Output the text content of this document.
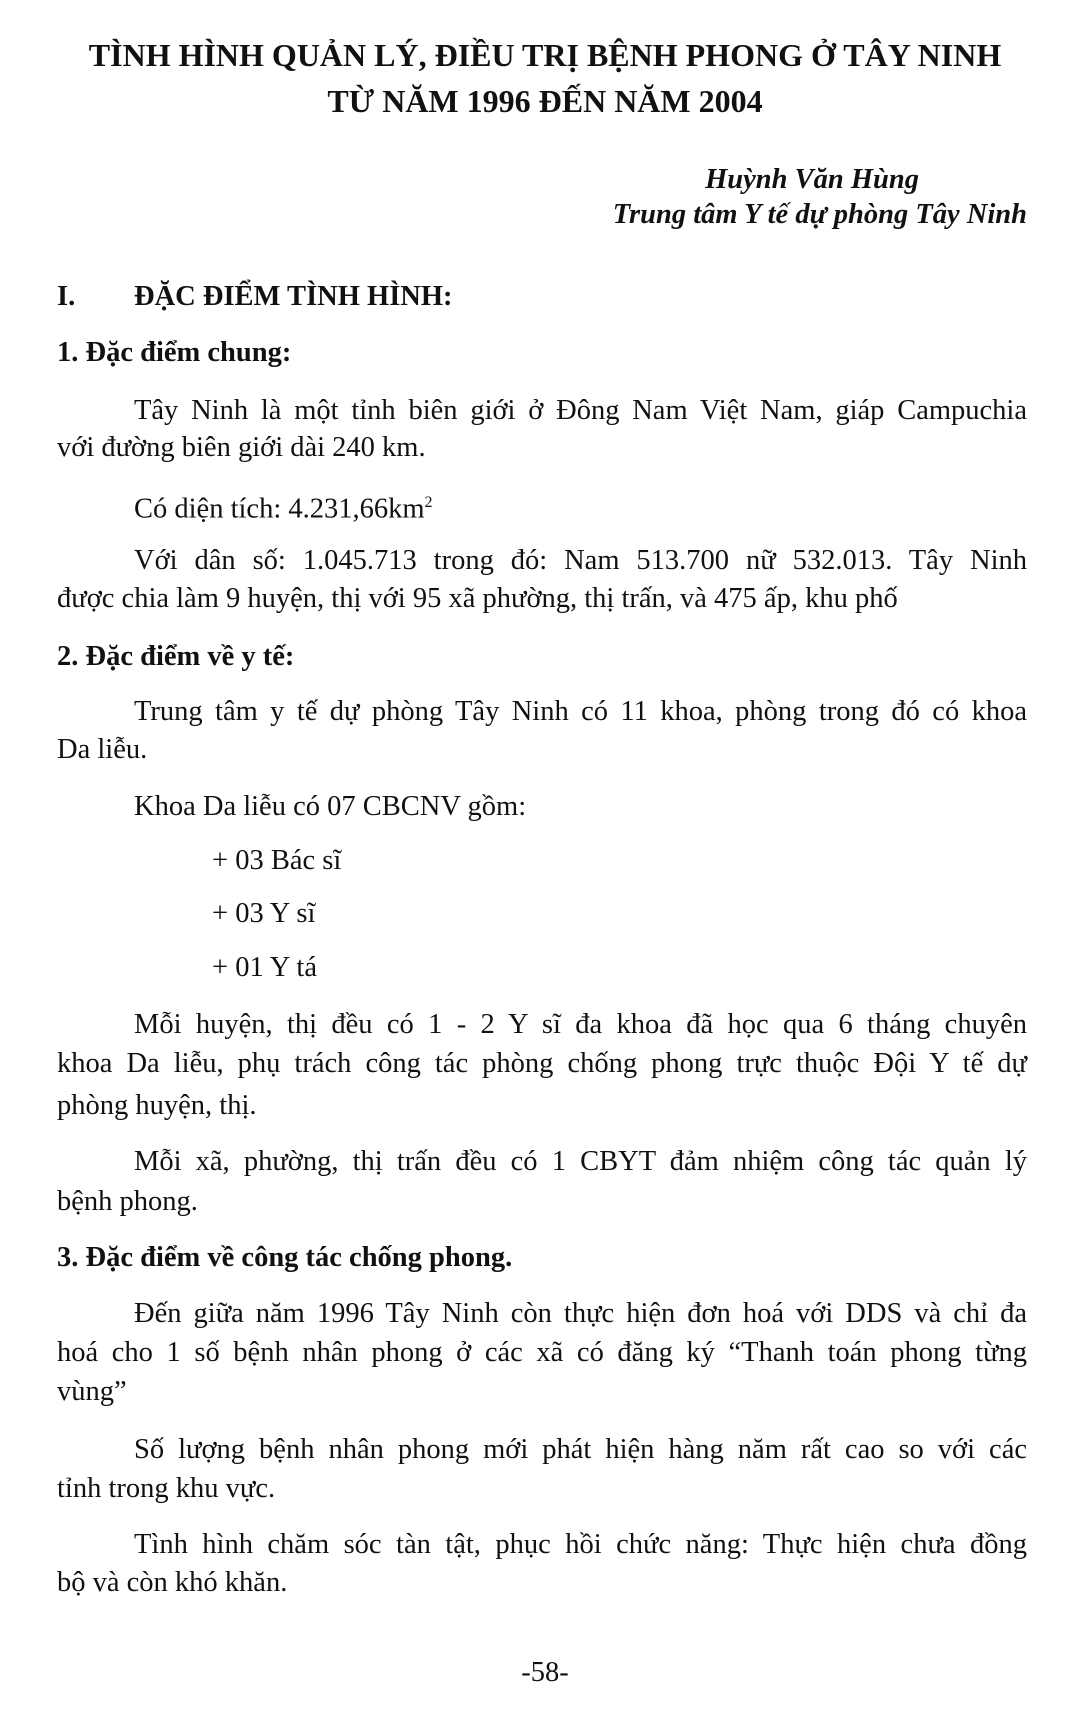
TÌNH HÌNH QUẢN LÝ, ĐIỀU TRỊ BỆNH PHONG Ở TÂY NINH
TỪ NĂM 1996 ĐẾN NĂM 2004
Huỳnh Văn Hùng
Trung tâm Y tế dự phòng Tây Ninh
I. ĐẶC ĐIỂM TÌNH HÌNH:
1. Đặc điểm chung:
Tây Ninh là một tỉnh biên giới ở Đông Nam Việt Nam, giáp Campuchia
với đường biên giới dài 240 km.
Có diện tích: $4.231,66km^2$
Với dân số: 1.045.713 trong đó: Nam 513.700 nữ 532.013. Tây Ninh
được chia làm 9 huyện, thị với 95 xã phường, thị trấn, và 475 ấp, khu phố
2. Đặc điểm về y tế:
Trung tâm y tế dự phòng Tây Ninh có 11 khoa, phòng trong đó có khoa
Da liễu.
Khoa Da liễu có 07 CBCNV gồm:
+ 03 Bác sĩ
+ 03 Y sĩ
+ 01 Y tá
Mỗi huyện, thị đều có 1 - 2 Y sĩ đa khoa đã học qua 6 tháng chuyên
khoa Da liễu, phụ trách công tác phòng chống phong trực thuộc Đội Y tế dự
phòng huyện, thị.
Mỗi xã, phường, thị trấn đều có 1 CBYT đảm nhiệm công tác quản lý
bệnh phong.
3. Đặc điểm về công tác chống phong.
Đến giữa năm 1996 Tây Ninh còn thực hiện đơn hoá với DDS và chỉ đa
hoá cho 1 số bệnh nhân phong ở các xã có đăng ký “Thanh toán phong từng
vùng”
Số lượng bệnh nhân phong mới phát hiện hàng năm rất cao so với các
tỉnh trong khu vực.
Tình hình chăm sóc tàn tật, phục hồi chức năng: Thực hiện chưa đồng
bộ và còn khó khăn.
-58-
